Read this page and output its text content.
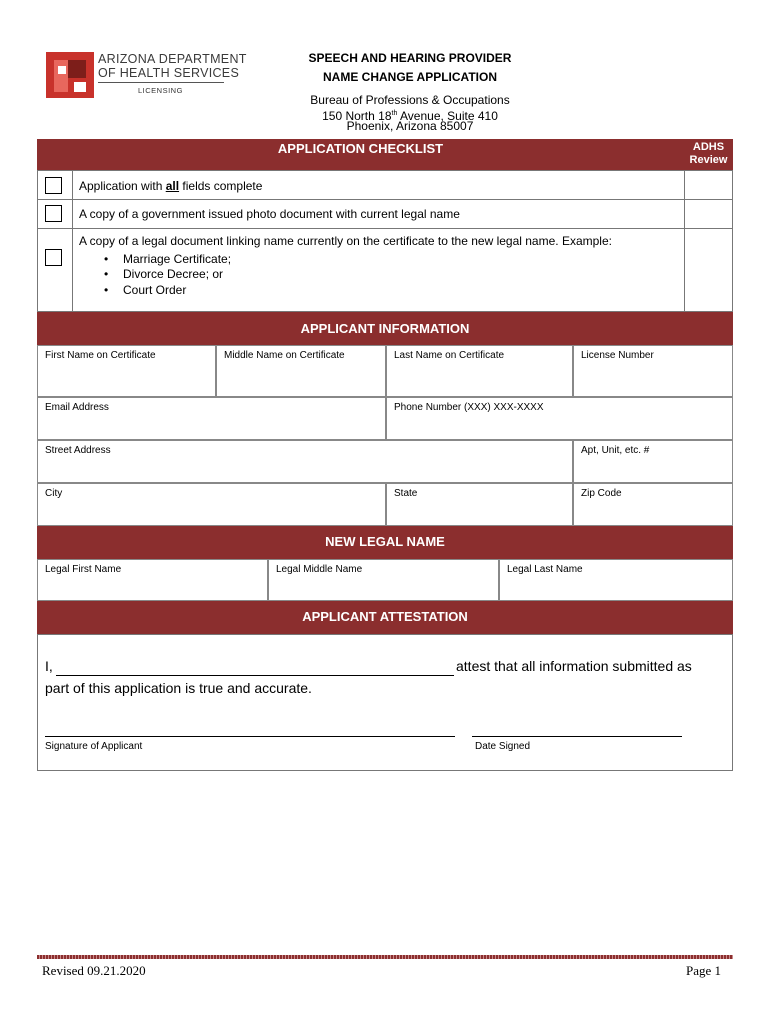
ARIZONA DEPARTMENT
OF HEALTH SERVICES
LICENSING
SPEECH AND HEARING PROVIDER
NAME CHANGE APPLICATION
Bureau of Professions & Occupations
150 North 18th Avenue, Suite 410
Phoenix, Arizona 85007
APPLICATION CHECKLIST	ADHS
Review
Application with all fields complete
A copy of a government issued photo document with current legal name
A copy of a legal document linking name currently on the certificate to the new legal name. Example:
• Marriage Certificate;
• Divorce Decree; or
• Court Order
APPLICANT INFORMATION
First Name on Certificate	Middle Name on Certificate	Last Name on Certificate	License Number
Email Address	Phone Number (XXX) XXX-XXXX
Street Address	Apt, Unit, etc. #
City	State	Zip Code
NEW LEGAL NAME
Legal First Name	Legal Middle Name	Legal Last Name
APPLICANT ATTESTATION
I,	attest that all information submitted as
part of this application is true and accurate.
Signature of Applicant	Date Signed
Revised 09.21.2020	Page 1
